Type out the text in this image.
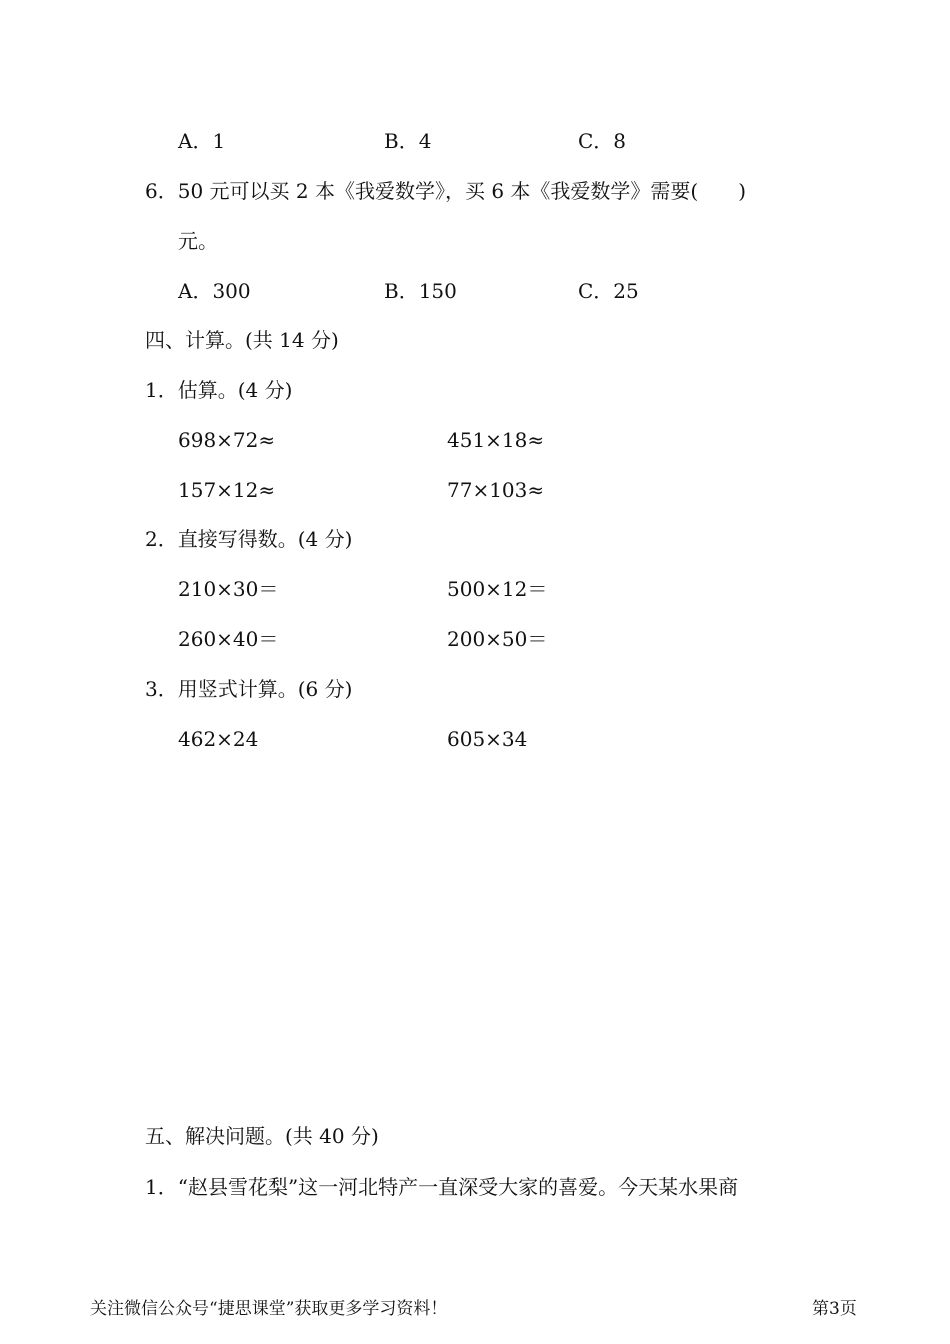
A．1	B．4	C．8
6．50 元可以买 2 本《我爱数学》，买 6 本《我爱数学》需要(　　)
元。
A．300	B．150	C．25
四、计算。(共 14 分)
1．估算。(4 分)
698×72≈	451×18≈
157×12≈	77×103≈
2．直接写得数。(4 分)
210×30＝	500×12＝
260×40＝	200×50＝
3．用竖式计算。(6 分)
462×24	605×34
五、解决问题。(共 40 分)
1．“赵县雪花梨”这一河北特产一直深受大家的喜爱。今天某水果商
关注微信公众号“捷思课堂”获取更多学习资料！	第3页
